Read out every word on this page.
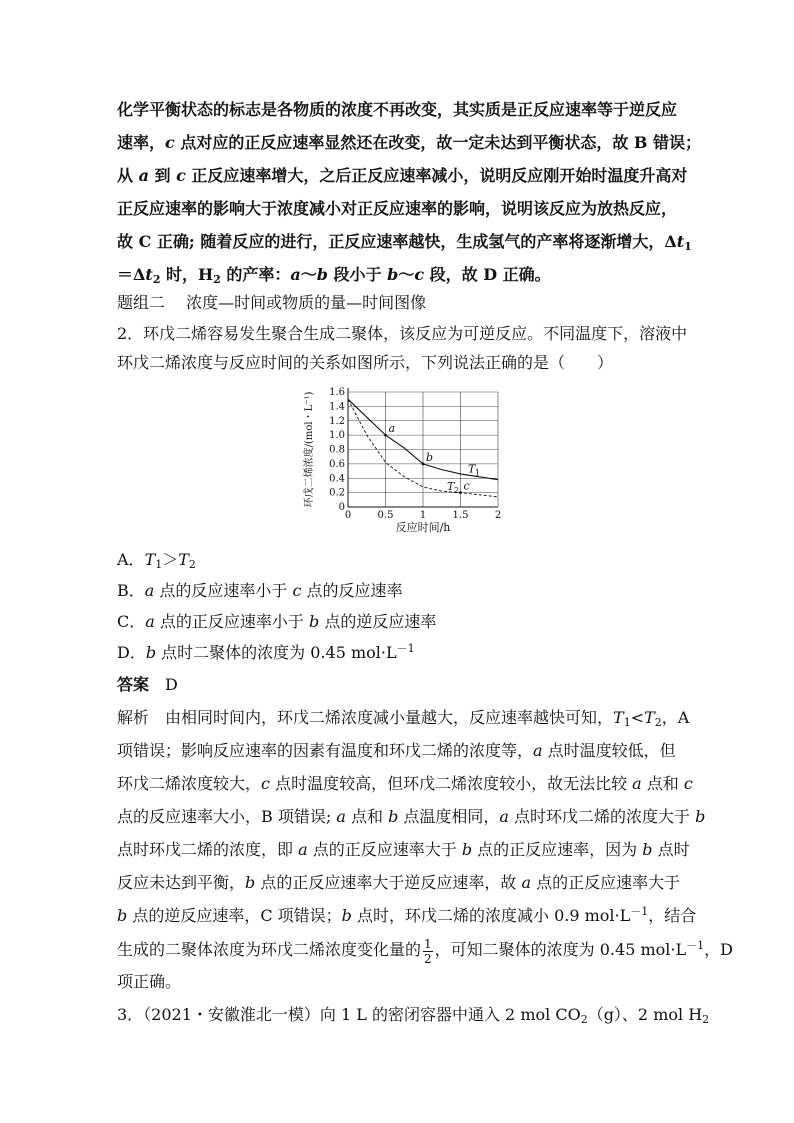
化学平衡状态的标志是各物质的浓度不再改变，其实质是正反应速率等于逆反应
速率，c 点对应的正反应速率显然还在改变，故一定未达到平衡状态，故 B 错误；
从 a 到 c 正反应速率增大，之后正反应速率减小，说明反应刚开始时温度升高对
正反应速率的影响大于浓度减小对正反应速率的影响，说明该反应为放热反应，
故 C 正确; 随着反应的进行，正反应速率越快，生成氢气的产率将逐渐增大，$\Delta t_1$
$=\Delta t_2$ 时，$H_2$ 的产率：a～b 段小于 b～c 段，故 D 正确。
题组二　 浓度—时间或物质的量—时间图像
2．环戊二烯容易发生聚合生成二聚体，该反应为可逆反应。不同温度下，溶液中
环戊二烯浓度与反应时间的关系如图所示，下列说法正确的是（　　）
0
0.2
0.4
0.6
0.8
1.0
1.2
1.4
1.6
0	0.5	1	1.5	2
反应时间/h
环戊二烯浓度/(mol・L⁻¹)	a
b
c
T 1
T 2
A．$T_1>T_2$
B．a 点的反应速率小于 c 点的反应速率
C．a 点的正反应速率小于 b 点的逆反应速率
D．b 点时二聚体的浓度为 0.45 $mol\cdot L^{-1}$
答案　 D
解析　由相同时间内，环戊二烯浓度减小量越大，反应速率越快可知，$T_1<T_2$，A
项错误；影响反应速率的因素有温度和环戊二烯的浓度等，a 点时温度较低，但
环戊二烯浓度较大，c 点时温度较高，但环戊二烯浓度较小，故无法比较 a 点和 c
点的反应速率大小，B 项错误; a 点和 b 点温度相同，a 点时环戊二烯的浓度大于 b
点时环戊二烯的浓度，即 a 点的正反应速率大于 b 点的正反应速率，因为 b 点时
反应未达到平衡，b 点的正反应速率大于逆反应速率，故 a 点的正反应速率大于
b 点的逆反应速率，C 项错误；b 点时，环戊二烯的浓度减小 0.9 $mol\cdot L^{-1}$，结合
生成的二聚体浓度为环戊二烯浓度变化量的 $\frac{1}{2}$ ，可知二聚体的浓度为 0.45 $mol\cdot L^{-1}$，D
项正确。
3．（2021・安徽淮北一模）向 1 L 的密闭容器中通入 2 mol $CO_2(g)$、2 mol $H_2$
